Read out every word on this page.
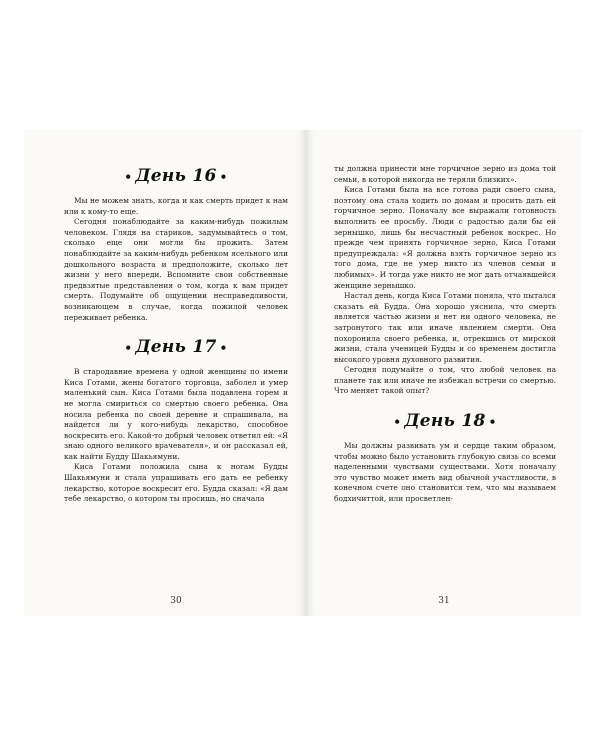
• День 16 •

Мы не можем знать, когда и как смерть придет к нам или к кому-то еще.

Сегодня понаблюдайте за каким-нибудь пожилым человеком. Глядя на стариков, задумывайтесь о том, сколько еще они могли бы прожить. Затем понаблюдайте за каким-нибудь ребенком ясельного или дошкольного возраста и предположите, сколько лет жизни у него впереди. Вспомните свои собственные предвзятые представления о том, когда к вам придет смерть. Подумайте об ощущении несправедливости, возникающем в случае, когда пожилой человек переживает ребенка.

• День 17 •

В стародавние времена у одной женщины по имени Киса Готами, жены богатого торговца, заболел и умер маленький сын. Киса Готами была подавлена горем и не могла смириться со смертью своего ребенка. Она носила ребенка по своей деревне и спрашивала, на найдется ли у кого-нибудь лекарство, способное воскресить его. Какой-то добрый человек ответил ей: «Я знаю одного великого врачевателя», и он рассказал ей, как найти Будду Шакьямуни.

Киса Готами положила сына к ногам Будды Шакьямуни и стала упрашивать его дать ее ребенку лекарство, которое воскресит его. Будда сказал: «Я дам тебе лекарство, о котором ты просишь, но сначала

30

ты должна принести мне горчичное зерно из дома той семьи, в которой никогда не теряли близких».

Киса Готами была на все готова ради своего сына, поэтому она стала ходить по домам и просить дать ей горчичное зерно. Поначалу все выражали готовность выполнить ее просьбу. Люди с радостью дали бы ей зернышко, лишь бы несчастный ребенок воскрес. Но прежде чем принять горчичное зерно, Киса Готами предупреждала: «Я должна взять горчичное зерно из того дома, где не умер никто из членов семьи и любимых». И тогда уже никто не мог дать отчаявшейся женщине зернышко.

Настал день, когда Киса Готами поняла, что пытался сказать ей Будда. Она хорошо уяснила, что смерть является частью жизни и нет ни одного человека, не затронутого так или иначе явлением смерти. Она похоронила своего ребенка, и, отрекшись от мирской жизни, стала ученицей Будды и со временем достигла высокого уровня духовного развития.

Сегодня подумайте о том, что любой человек на планете так или иначе не избежал встречи со смертью. Что меняет такой опыт?

• День 18 •

Мы должны развивать ум и сердце таким образом, чтобы можно было установить глубокую связь со всеми наделенными чувствами существами. Хотя поначалу это чувство может иметь вид обычной участливости, в конечном счете оно становится тем, что мы называем бодхичиттой, или просветлен-

31
